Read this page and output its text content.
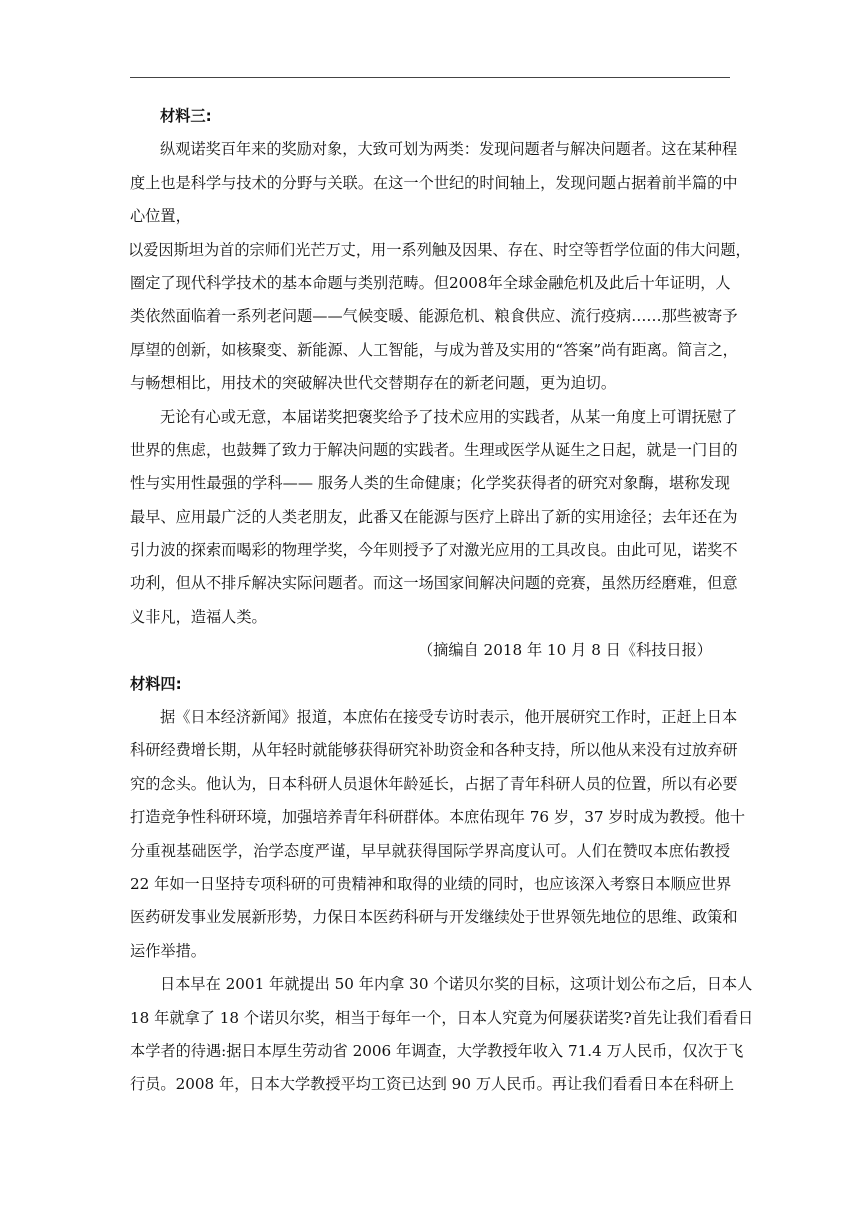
材料三:
纵观诺奖百年来的奖励对象，大致可划为两类：发现问题者与解决问题者。这在某种程
度上也是科学与技术的分野与关联。在这一个世纪的时间轴上，发现问题占据着前半篇的中
心位置，
以爱因斯坦为首的宗师们光芒万丈，用一系列触及因果、存在、时空等哲学位面的伟大问题，
圈定了现代科学技术的基本命题与类别范畴。但2008年全球金融危机及此后十年证明，人
类依然面临着一系列老问题——气候变暖、能源危机、粮食供应、流行疫病……那些被寄予
厚望的创新，如核聚变、新能源、人工智能，与成为普及实用的“答案”尚有距离。简言之，
与畅想相比，用技术的突破解决世代交替期存在的新老问题，更为迫切。
无论有心或无意，本届诺奖把褒奖给予了技术应用的实践者，从某一角度上可谓抚慰了
世界的焦虑，也鼓舞了致力于解决问题的实践者。生理或医学从诞生之日起，就是一门目的
性与实用性最强的学科—— 服务人类的生命健康；化学奖获得者的研究对象酶，堪称发现
最早、应用最广泛的人类老朋友，此番又在能源与医疗上辟出了新的实用途径；去年还在为
引力波的探索而喝彩的物理学奖，今年则授予了对激光应用的工具改良。由此可见，诺奖不
功利，但从不排斥解决实际问题者。而这一场国家间解决问题的竞赛，虽然历经磨难，但意
义非凡，造福人类。
（摘编自 2018 年 10 月 8 日《科技日报）
材料四:
据《日本经济新闻》报道，本庶佑在接受专访时表示，他开展研究工作时，正赶上日本
科研经费增长期，从年轻时就能够获得研究补助资金和各种支持，所以他从来没有过放弃研
究的念头。他认为，日本科研人员退休年龄延长，占据了青年科研人员的位置，所以有必要
打造竞争性科研环境，加强培养青年科研群体。本庶佑现年 76 岁，37 岁时成为教授。他十
分重视基础医学，治学态度严谨，早早就获得国际学界高度认可。人们在赞叹本庶佑教授
22 年如一日坚持专项科研的可贵精神和取得的业绩的同时，也应该深入考察日本顺应世界
医药研发事业发展新形势，力保日本医药科研与开发继续处于世界领先地位的思维、政策和
运作举措。
日本早在 2001 年就提出 50 年内拿 30 个诺贝尔奖的目标，这项计划公布之后，日本人
18 年就拿了 18 个诺贝尔奖，相当于每年一个，日本人究竟为何屡获诺奖?首先让我们看看日
本学者的待遇:据日本厚生劳动省 2006 年调查，大学教授年收入 71.4 万人民币，仅次于飞
行员。2008 年，日本大学教授平均工资已达到 90 万人民币。再让我们看看日本在科研上
